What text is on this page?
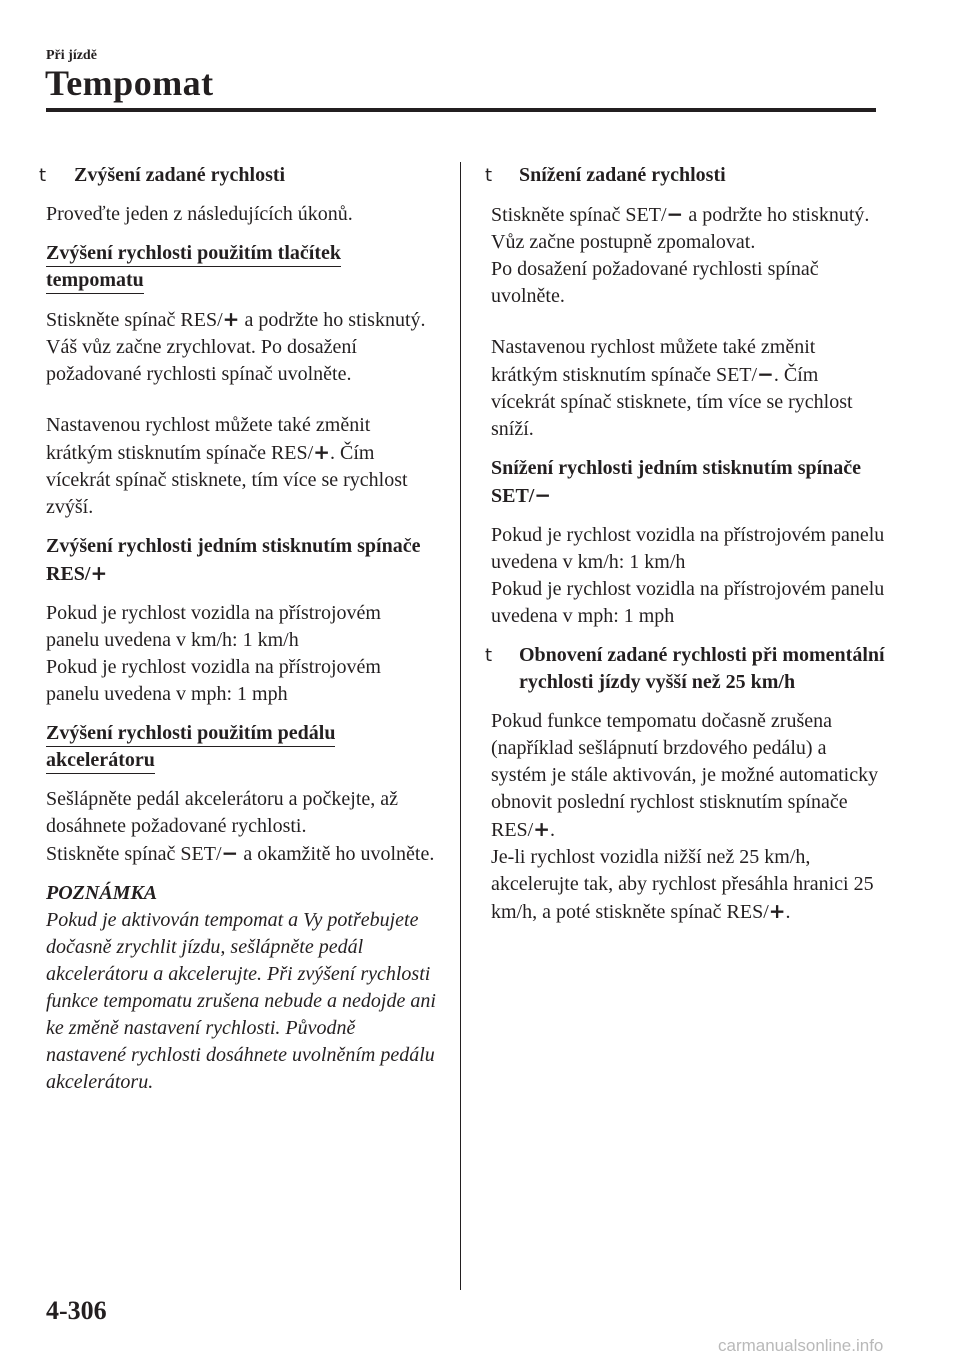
Při jízdě
Tempomat
t Zvýšení zadané rychlosti

Proveďte jeden z následujících úkonů.

Zvýšení rychlosti použitím tlačítek tempomatu

Stiskněte spínač RES/+ a podržte ho stisknutý. Váš vůz začne zrychlovat. Po dosažení požadované rychlosti spínač uvolněte.

Nastavenou rychlost můžete také změnit krátkým stisknutím spínače RES/+. Čím vícekrát spínač stisknete, tím více se rychlost zvýší.

Zvýšení rychlosti jedním stisknutím spínače RES/+

Pokud je rychlost vozidla na přístrojovém panelu uvedena v km/h: 1 km/h

Pokud je rychlost vozidla na přístrojovém panelu uvedena v mph: 1 mph

Zvýšení rychlosti použitím pedálu akcelerátoru

Sešlápněte pedál akcelerátoru a počkejte, až dosáhnete požadované rychlosti.

Stiskněte spínač SET/− a okamžitě ho uvolněte.

POZNÁMKA

Pokud je aktivován tempomat a Vy potřebujete dočasně zrychlit jízdu, sešlápněte pedál akcelerátoru a akcelerujte. Při zvýšení rychlosti funkce tempomatu zrušena nebude a nedojde ani ke změně nastavení rychlosti. Původně nastavené rychlosti dosáhnete uvolněním pedálu akcelerátoru.

t Snížení zadané rychlosti

Stiskněte spínač SET/− a podržte ho stisknutý. Vůz začne postupně zpomalovat.

Po dosažení požadované rychlosti spínač uvolněte.

Nastavenou rychlost můžete také změnit krátkým stisknutím spínače SET/−. Čím vícekrát spínač stisknete, tím více se rychlost sníží.

Snížení rychlosti jedním stisknutím spínače SET/−

Pokud je rychlost vozidla na přístrojovém panelu uvedena v km/h: 1 km/h

Pokud je rychlost vozidla na přístrojovém panelu uvedena v mph: 1 mph

t Obnovení zadané rychlosti při momentální rychlosti jízdy vyšší než 25 km/h

Pokud funkce tempomatu dočasně zrušena (například sešlápnutí brzdového pedálu) a systém je stále aktivován, je možné automaticky obnovit poslední rychlost stisknutím spínače RES/+.

Je-li rychlost vozidla nižší než 25 km/h, akcelerujte tak, aby rychlost přesáhla hranici 25 km/h, a poté stiskněte spínač RES/+.

4-306
carmanualsonline.info
